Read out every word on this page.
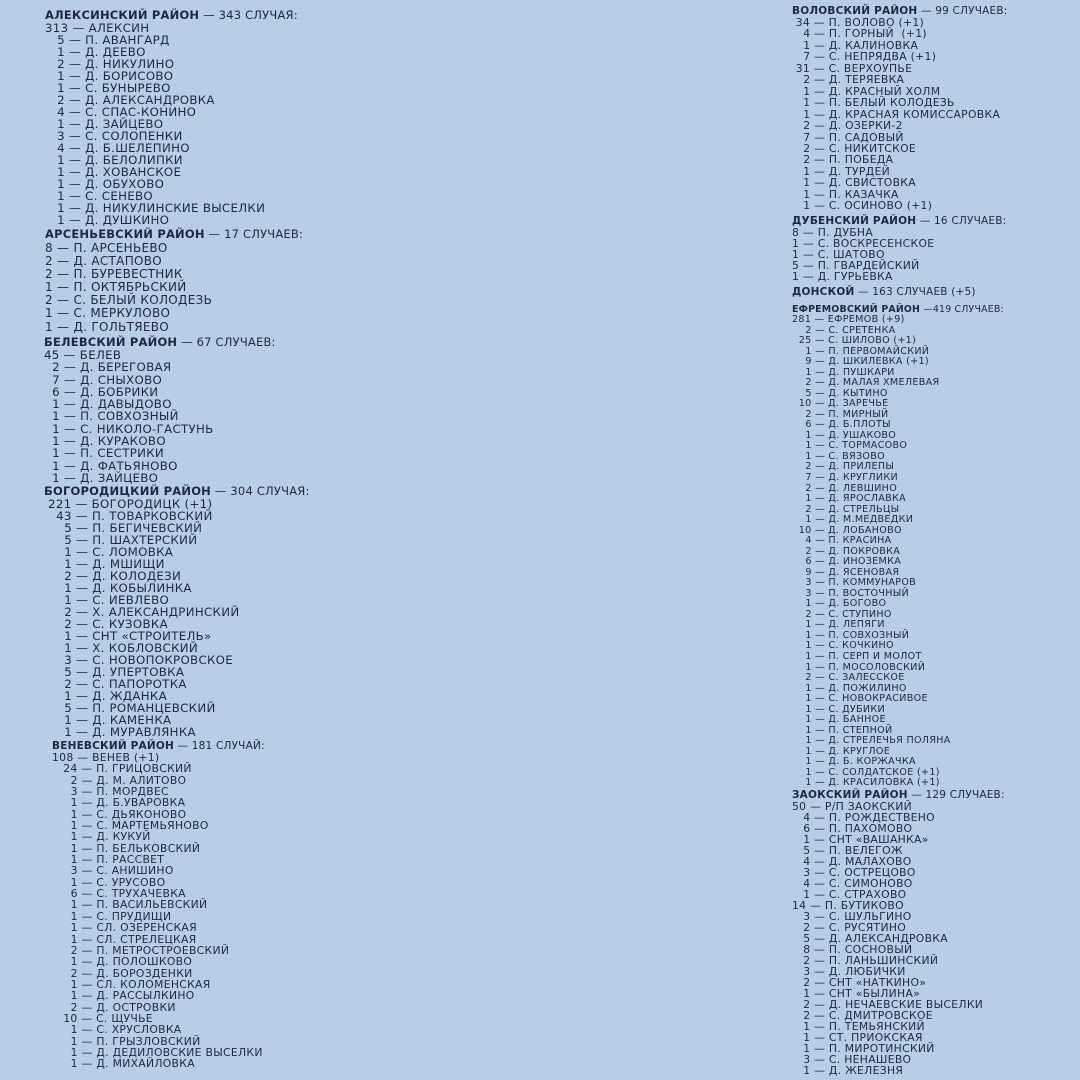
АЛЕКСИНСКИЙ РАЙОН — 343 СЛУЧАЯ:
313 — АЛЕКСИН
5 — П. АВАНГАРД
1 — Д. ДЕЕВО
2 — Д. НИКУЛИНО
1 — Д. БОРИСОВО
1 — С. БУНЫРЕВО
2 — Д. АЛЕКСАНДРОВКА
4 — С. СПАС-КОНИНО
1 — Д. ЗАЙЦЕВО
3 — С. СОЛОПЕНКИ
4 — Д. Б.ШЕЛЕПИНО
1 — Д. БЕЛОЛИПКИ
1 — Д. ХОВАНСКОЕ
1 — Д. ОБУХОВО
1 — С. СЕНЕВО
1 — Д. НИКУЛИНСКИЕ ВЫСЕЛКИ
1 — Д. ДУШКИНО
АРСЕНЬЕВСКИЙ РАЙОН — 17 СЛУЧАЕВ:
8 — П. АРСЕНЬЕВО
2 — Д. АСТАПОВО
2 — П. БУРЕВЕСТНИК
1 — П. ОКТЯБРЬСКИЙ
2 — С. БЕЛЫЙ КОЛОДЕЗЬ
1 — С. МЕРКУЛОВО
1 — Д. ГОЛЬТЯЕВО
БЕЛЕВСКИЙ РАЙОН — 67 СЛУЧАЕВ:
45 — БЕЛЕВ
2 — Д. БЕРЕГОВАЯ
7 — Д. СНЫХОВО
6 — Д. БОБРИКИ
1 — Д. ДАВЫДОВО
1 — П. СОВХОЗНЫЙ
1 — С. НИКОЛО-ГАСТУНЬ
1 — Д. КУРАКОВО
1 — П. СЕСТРИКИ
1 — Д. ФАТЬЯНОВО
1 — Д. ЗАЙЦЕВО
БОГОРОДИЦКИЙ РАЙОН — 304 СЛУЧАЯ:
221 — БОГОРОДИЦК (+1)
43 — П. ТОВАРКОВСКИЙ
5 — П. БЕГИЧЕВСКИЙ
5 — П. ШАХТЕРСКИЙ
1 — С. ЛОМОВКА
1 — Д. МШИЩИ
2 — Д. КОЛОДЕЗИ
1 — Д. КОБЫЛИНКА
1 — С. ИЕВЛЕВО
2 — Х. АЛЕКСАНДРИНСКИЙ
2 — С. КУЗОВКА
1 — СНТ «СТРОИТЕЛЬ»
1 — Х. КОБЛОВСКИЙ
3 — С. НОВОПОКРОВСКОЕ
5 — Д. УПЕРТОВКА
2 — С. ПАПОРОТКА
1 — Д. ЖДАНКА
5 — П. РОМАНЦЕВСКИЙ
1 — Д. КАМЕНКА
1 — Д. МУРАВЛЯНКА
ВЕНЕВСКИЙ РАЙОН — 181 СЛУЧАЙ:
108 — ВЕНЕВ (+1)
24 — П. ГРИЦОВСКИЙ
2 — Д. М. АЛИТОВО
3 — П. МОРДВЕС
1 — Д. Б.УВАРОВКА
1 — С. ДЬЯКОНОВО
1 — С. МАРТЕМЬЯНОВО
1 — Д. КУКУЙ
1 — П. БЕЛЬКОВСКИЙ
1 — П. РАССВЕТ
3 — С. АНИШИНО
1 — С. УРУСОВО
6 — С. ТРУХАЧЕВКА
1 — П. ВАСИЛЬЕВСКИЙ
1 — С. ПРУДИЩИ
1 — СЛ. ОЗЕРЕНСКАЯ
1 — СЛ. СТРЕЛЕЦКАЯ
2 — П. МЕТРОСТРОЕВСКИЙ
1 — Д. ПОЛОШКОВО
2 — Д. БОРОЗДЕНКИ
1 — СЛ. КОЛОМЕНСКАЯ
1 — Д. РАССЫЛКИНО
2 — Д. ОСТРОВКИ
10 — С. ЩУЧЬЕ
1 — С. ХРУСЛОВКА
1 — П. ГРЫЗЛОВСКИЙ
1 — Д. ДЕДИЛОВСКИЕ ВЫСЕЛКИ
1 — Д. МИХАЙЛОВКА
ВОЛОВСКИЙ РАЙОН — 99 СЛУЧАЕВ:
34 — П. ВОЛОВО (+1)
4 — П. ГОРНЫЙ  (+1)
1 — Д. КАЛИНОВКА
7 — С. НЕПРЯДВА (+1)
31 — С. ВЕРХОУПЬЕ
2 — Д. ТЕРЯЕВКА
1 — Д. КРАСНЫЙ ХОЛМ
1 — П. БЕЛЫЙ КОЛОДЕЗЬ
1 — Д. КРАСНАЯ КОМИССАРОВКА
2 — Д. ОЗЕРКИ-2
7 — П. САДОВЫЙ
2 — С. НИКИТСКОЕ
2 — П. ПОБЕДА
1 — Д. ТУРДЕЙ
1 — Д. СВИСТОВКА
1 — П. КАЗАЧКА
1 — С. ОСИНОВО (+1)
ДУБЕНСКИЙ РАЙОН — 16 СЛУЧАЕВ:
8 — П. ДУБНА
1 — С. ВОСКРЕСЕНСКОЕ
1 — С. ШАТОВО
5 — П. ГВАРДЕЙСКИЙ
1 — Д. ГУРЬЕВКА
ДОНСКОЙ — 163 СЛУЧАЕВ (+5)
ЕФРЕМОВСКИЙ РАЙОН —419 СЛУЧАЕВ:
281 — ЕФРЕМОВ (+9)
2 — С. СРЕТЕНКА
25 — С. ШИЛОВО (+1)
1 — П. ПЕРВОМАЙСКИЙ
9 — Д. ШКИЛЕВКА (+1)
1 — Д. ПУШКАРИ
2 — Д. МАЛАЯ ХМЕЛЕВАЯ
5 — Д. КЫТИНО
10 — Д. ЗАРЕЧЬЕ
2 — П. МИРНЫЙ
6 — Д. Б.ПЛОТЫ
1 — Д. УШАКОВО
1 — С. ТОРМАСОВО
1 — С. ВЯЗОВО
2 — Д. ПРИЛЕПЫ
7 — Д. КРУГЛИКИ
2 — Д. ЛЕВШИНО
1 — Д. ЯРОСЛАВКА
2 — Д. СТРЕЛЬЦЫ
1 — Д. М.МЕДВЕДКИ
10 — Д. ЛОБАНОВО
4 — П. КРАСИНА
2 — Д. ПОКРОВКА
6 — Д. ИНОЗЕМКА
9 — Д. ЯСЕНОВАЯ
3 — П. КОММУНАРОВ
3 — П. ВОСТОЧНЫЙ
1 — Д. БОГОВО
2 — С. СТУПИНО
1 — Д. ЛЕПЯГИ
1 — П. СОВХОЗНЫЙ
1 — С. КОЧКИНО
1 — П. СЕРП И МОЛОТ
1 — П. МОСОЛОВСКИЙ
2 — С. ЗАЛЕССКОЕ
1 — Д. ПОЖИЛИНО
1 — С. НОВОКРАСИВОЕ
1 — С. ДУБИКИ
1 — Д. БАННОЕ
1 — П. СТЕПНОЙ
1 — Д. СТРЕЛЕЧЬЯ ПОЛЯНА
1 — Д. КРУГЛОЕ
1 — Д. Б. КОРЖАЧКА
1 — С. СОЛДАТСКОЕ (+1)
1 — Д. КРАСИЛОВКА (+1)
ЗАОКСКИЙ РАЙОН — 129 СЛУЧАЕВ:
50 — Р/П ЗАОКСКИЙ
4 — П. РОЖДЕСТВЕНО
6 — П. ПАХОМОВО
1 — СНТ «ВАШАНКА»
5 — П. ВЕЛЕГОЖ
4 — Д. МАЛАХОВО
3 — С. ОСТРЕЦОВО
4 — С. СИМОНОВО
1 — С. СТРАХОВО
14 — П. БУТИКОВО
3 — С. ШУЛЬГИНО
2 — С. РУСЯТИНО
5 — Д. АЛЕКСАНДРОВКА
8 — П. СОСНОВЫЙ
2 — П. ЛАНЬШИНСКИЙ
3 — Д. ЛЮБИЧКИ
2 — СНТ «НАТКИНО»
1 — СНТ «БЫЛИНА»
2 — Д. НЕЧАЕВСКИЕ ВЫСЕЛКИ
2 — С. ДМИТРОВСКОЕ
1 — П. ТЕМЬЯНСКИЙ
1 — СТ. ПРИОКСКАЯ
1 — П. МИРОТИНСКИЙ
3 — С. НЕНАШЕВО
1 — Д. ЖЕЛЕЗНЯ
